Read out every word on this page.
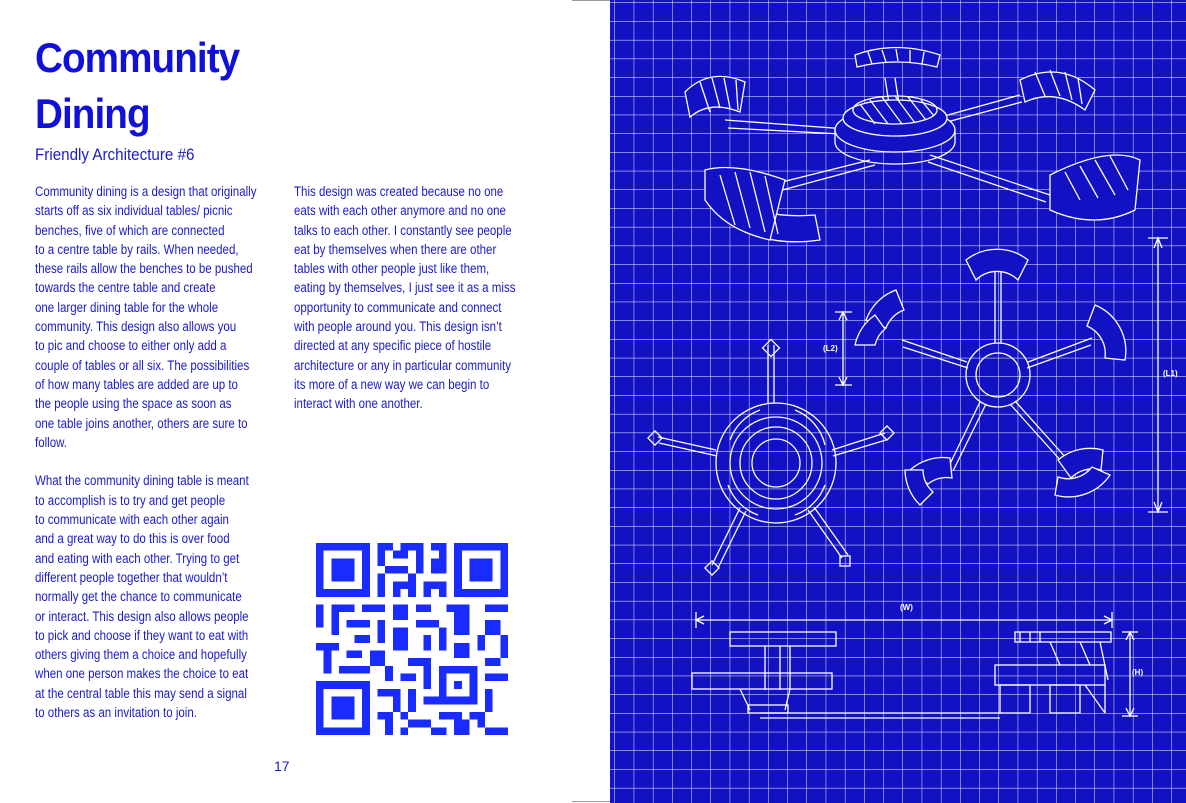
Community
Dining

Friendly Architecture #6

Community dining is a design that originally
starts off as six individual tables/ picnic
benches, five of which are connected
to a centre table by rails. When needed,
these rails allow the benches to be pushed
towards the centre table and create
one larger dining table for the whole
community. This design also allows you
to pic and choose to either only add a
couple of tables or all six. The possibilities
of how many tables are added are up to
the people using the space as soon as
one table joins another, others are sure to
follow.
What the community dining table is meant
to accomplish is to try and get people
to communicate with each other again
and a great way to do this is over food
and eating with each other. Trying to get
different people together that wouldn’t
normally get the chance to communicate
or interact. This design also allows people
to pick and choose if they want to eat with
others giving them a choice and hopefully
when one person makes the choice to eat
at the central table this may send a signal
to others as an invitation to join.
This design was created because no one
eats with each other anymore and no one
talks to each other. I constantly see people
eat by themselves when there are other
tables with other people just like them,
eating by themselves, I just see it as a miss
opportunity to communicate and connect
with people around you. This design isn’t
directed at any specific piece of hostile
architecture or any in particular community
its more of a new way we can begin to
interact with one another.
17
(L1)
(L2)
(W)
(H)
